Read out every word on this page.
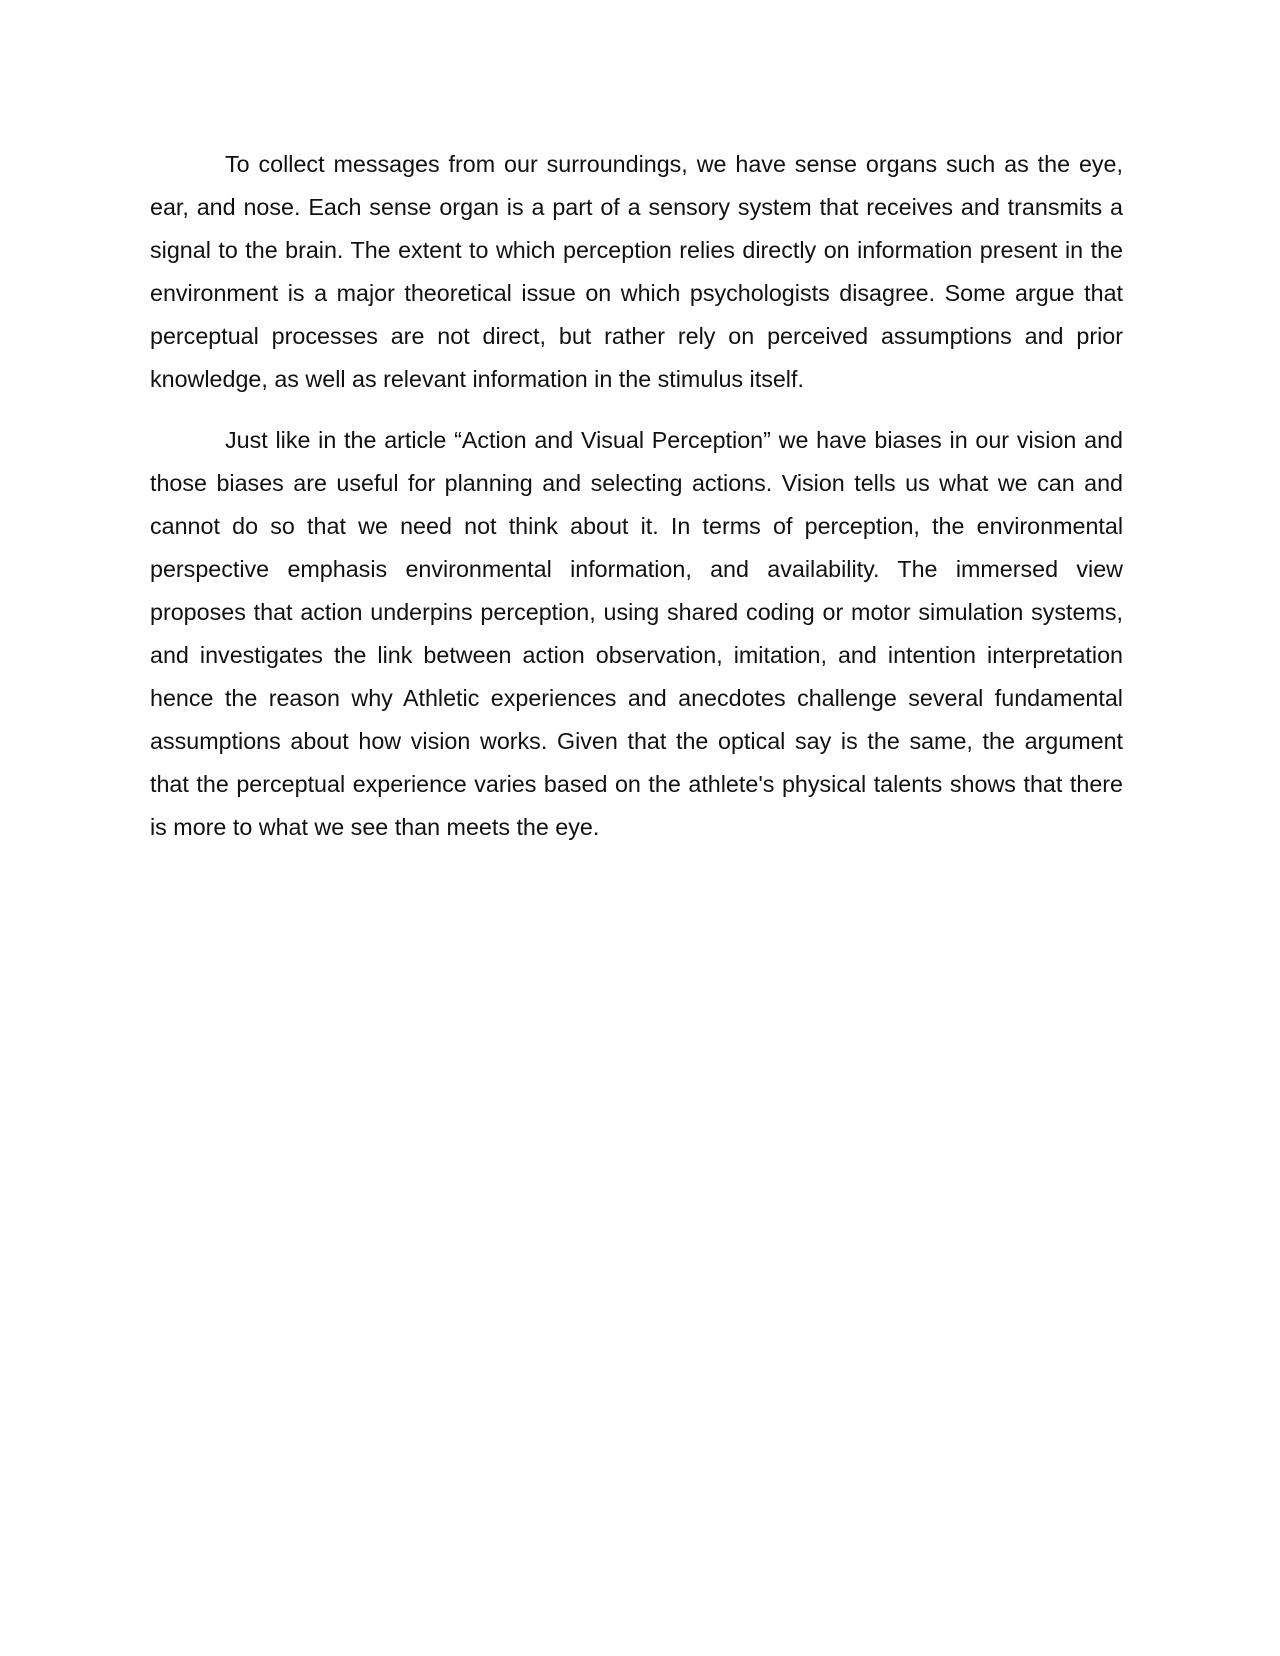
To collect messages from our surroundings, we have sense organs such as the eye, ear, and nose. Each sense organ is a part of a sensory system that receives and transmits a signal to the brain. The extent to which perception relies directly on information present in the environment is a major theoretical issue on which psychologists disagree. Some argue that perceptual processes are not direct, but rather rely on perceived assumptions and prior knowledge, as well as relevant information in the stimulus itself.

Just like in the article “Action and Visual Perception” we have biases in our vision and those biases are useful for planning and selecting actions. Vision tells us what we can and cannot do so that we need not think about it. In terms of perception, the environmental perspective emphasis environmental information, and availability. The immersed view proposes that action underpins perception, using shared coding or motor simulation systems, and investigates the link between action observation, imitation, and intention interpretation hence the reason why Athletic experiences and anecdotes challenge several fundamental assumptions about how vision works. Given that the optical say is the same, the argument that the perceptual experience varies based on the athlete's physical talents shows that there is more to what we see than meets the eye.
